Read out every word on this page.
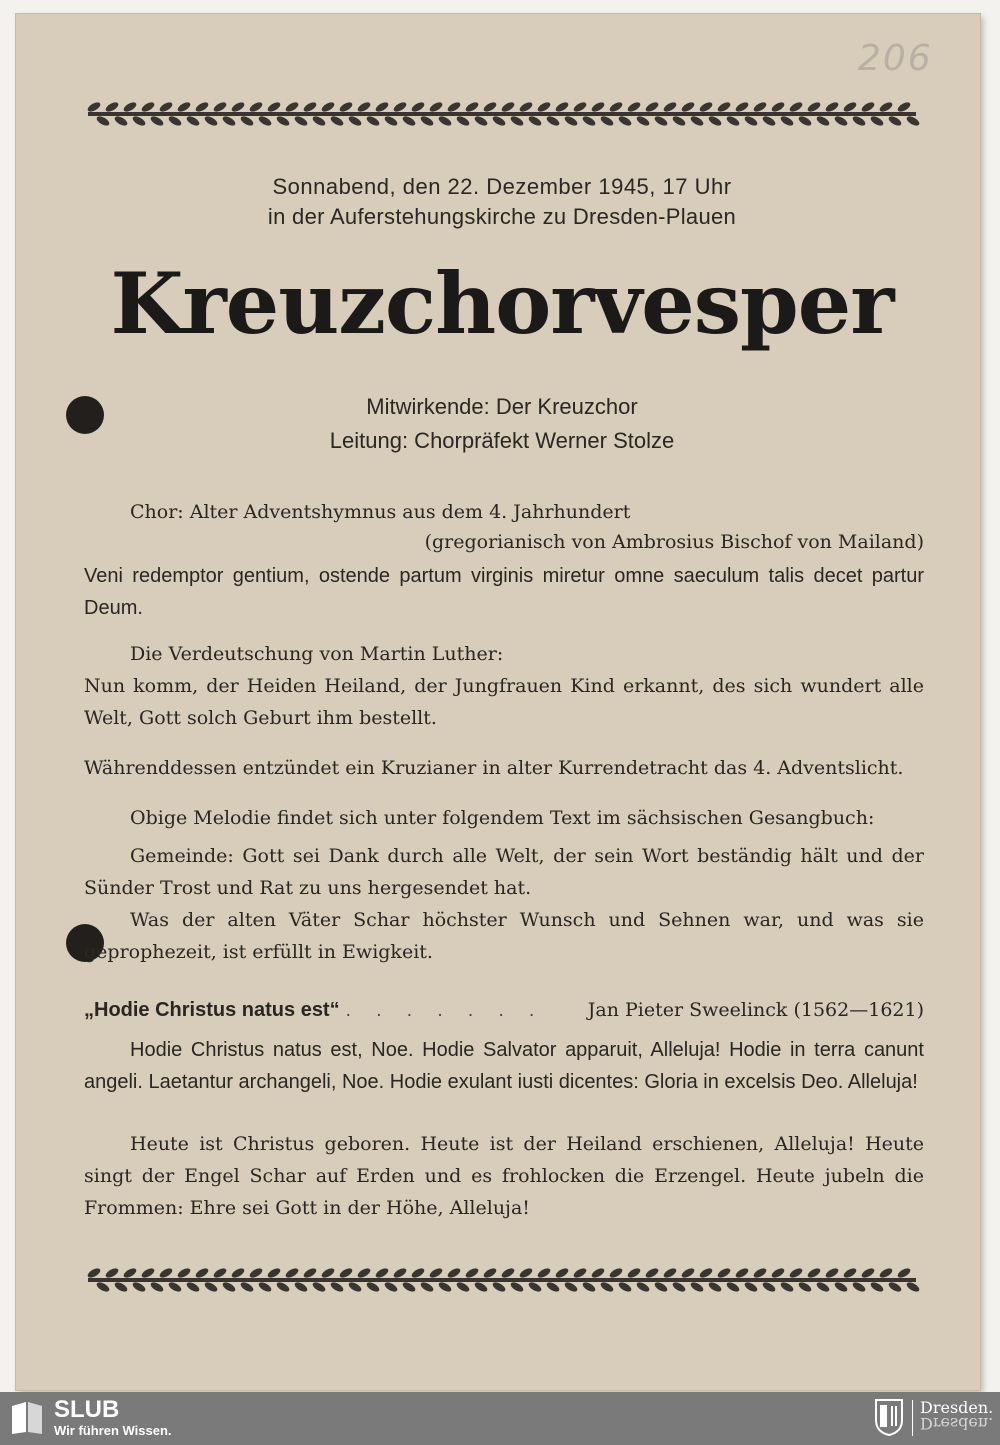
206
Sonnabend, den 22. Dezember 1945, 17 Uhr
in der Auferstehungskirche zu Dresden-Plauen
Kreuzchorvesper
Mitwirkende: Der Kreuzchor
Leitung: Chorpräfekt Werner Stolze
Chor: Alter Adventshymnus aus dem 4. Jahrhundert
(gregorianisch von Ambrosius Bischof von Mailand)
Veni redemptor gentium, ostende partum virginis miretur omne saeculum talis decet partur Deum.
Die Verdeutschung von Martin Luther:
Nun komm, der Heiden Heiland, der Jungfrauen Kind erkannt, des sich wundert alle Welt, Gott solch Geburt ihm bestellt.
Währenddessen entzündet ein Kruzianer in alter Kurrendetracht das 4. Adventslicht.
Obige Melodie findet sich unter folgendem Text im sächsischen Gesangbuch:
Gemeinde: Gott sei Dank durch alle Welt, der sein Wort beständig hält und der Sünder Trost und Rat zu uns hergesendet hat.
Was der alten Väter Schar höchster Wunsch und Sehnen war, und was sie geprophezeit, ist erfüllt in Ewigkeit.
„Hodie Christus natus est“ . . . . . . .	Jan Pieter Sweelinck (1562—1621)
Hodie Christus natus est, Noe. Hodie Salvator apparuit, Alleluja! Hodie in terra canunt angeli. Laetantur archangeli, Noe. Hodie exulant iusti dicentes: Gloria in excelsis Deo. Alleluja!
Heute ist Christus geboren. Heute ist der Heiland erschienen, Alleluja! Heute singt der Engel Schar auf Erden und es frohlocken die Erzengel. Heute jubeln die Frommen: Ehre sei Gott in der Höhe, Alleluja!
SLUB
Wir führen Wissen.
Dresden.
Dresden.
